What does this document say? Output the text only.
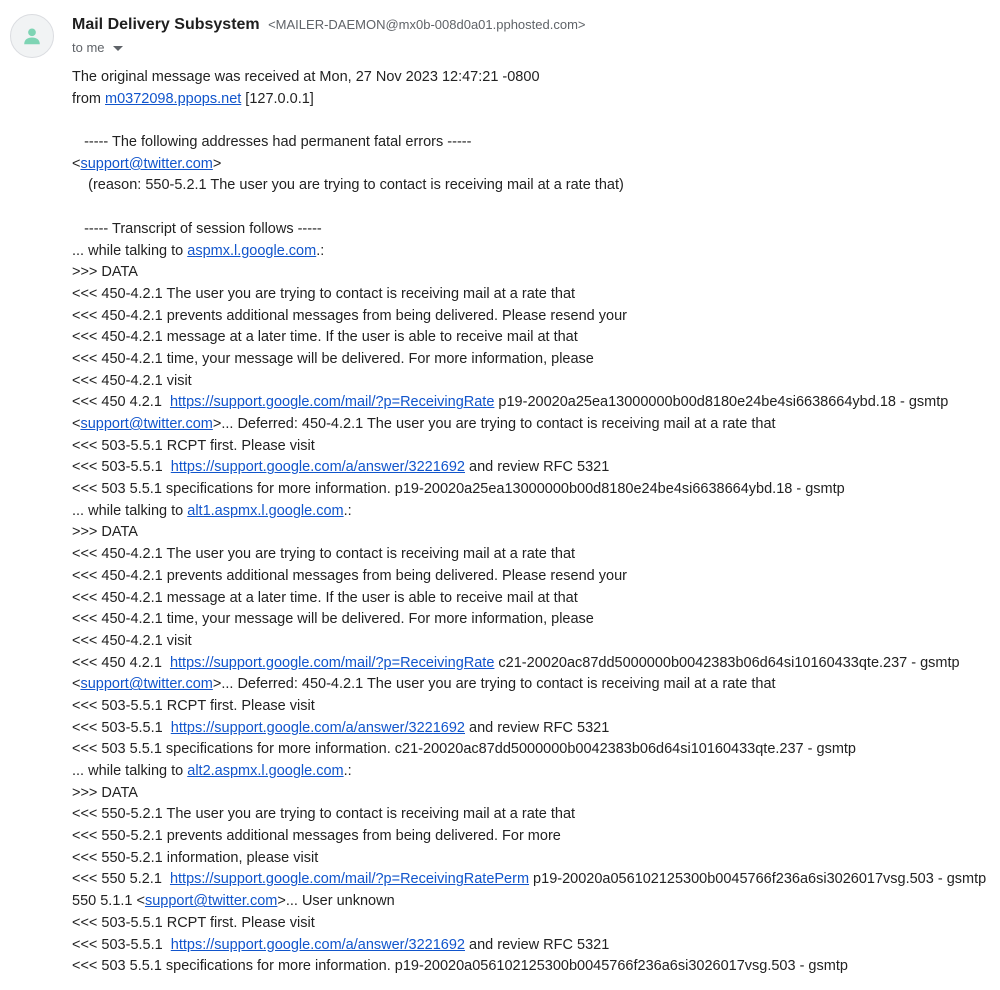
Mail Delivery Subsystem <MAILER-DAEMON@mx0b-008d0a01.pphosted.com>
to me
The original message was received at Mon, 27 Nov 2023 12:47:21 -0800
from m0372098.ppops.net [127.0.0.1]
----- The following addresses had permanent fatal errors -----
<support@twitter.com>
(reason: 550-5.2.1 The user you are trying to contact is receiving mail at a rate that)
----- Transcript of session follows -----
... while talking to aspmx.l.google.com.:
>>> DATA
<<< 450-4.2.1 The user you are trying to contact is receiving mail at a rate that
<<< 450-4.2.1 prevents additional messages from being delivered. Please resend your
<<< 450-4.2.1 message at a later time. If the user is able to receive mail at that
<<< 450-4.2.1 time, your message will be delivered. For more information, please
<<< 450-4.2.1 visit
<<< 450 4.2.1  https://support.google.com/mail/?p=ReceivingRate p19-20020a25ea13000000b00d8180e24be4si6638664ybd.18 - gsmtp
<support@twitter.com>... Deferred: 450-4.2.1 The user you are trying to contact is receiving mail at a rate that
<<< 503-5.5.1 RCPT first. Please visit
<<< 503-5.5.1  https://support.google.com/a/answer/3221692 and review RFC 5321
<<< 503 5.5.1 specifications for more information. p19-20020a25ea13000000b00d8180e24be4si6638664ybd.18 - gsmtp
... while talking to alt1.aspmx.l.google.com.:
>>> DATA
<<< 450-4.2.1 The user you are trying to contact is receiving mail at a rate that
<<< 450-4.2.1 prevents additional messages from being delivered. Please resend your
<<< 450-4.2.1 message at a later time. If the user is able to receive mail at that
<<< 450-4.2.1 time, your message will be delivered. For more information, please
<<< 450-4.2.1 visit
<<< 450 4.2.1  https://support.google.com/mail/?p=ReceivingRate c21-20020ac87dd5000000b0042383b06d64si10160433qte.237 - gsmtp
<support@twitter.com>... Deferred: 450-4.2.1 The user you are trying to contact is receiving mail at a rate that
<<< 503-5.5.1 RCPT first. Please visit
<<< 503-5.5.1  https://support.google.com/a/answer/3221692 and review RFC 5321
<<< 503 5.5.1 specifications for more information. c21-20020ac87dd5000000b0042383b06d64si10160433qte.237 - gsmtp
... while talking to alt2.aspmx.l.google.com.:
>>> DATA
<<< 550-5.2.1 The user you are trying to contact is receiving mail at a rate that
<<< 550-5.2.1 prevents additional messages from being delivered. For more
<<< 550-5.2.1 information, please visit
<<< 550 5.2.1  https://support.google.com/mail/?p=ReceivingRatePerm p19-20020a056102125300b0045766f236a6si3026017vsg.503 - gsmtp
550 5.1.1 <support@twitter.com>... User unknown
<<< 503-5.5.1 RCPT first. Please visit
<<< 503-5.5.1  https://support.google.com/a/answer/3221692 and review RFC 5321
<<< 503 5.5.1 specifications for more information. p19-20020a056102125300b0045766f236a6si3026017vsg.503 - gsmtp
